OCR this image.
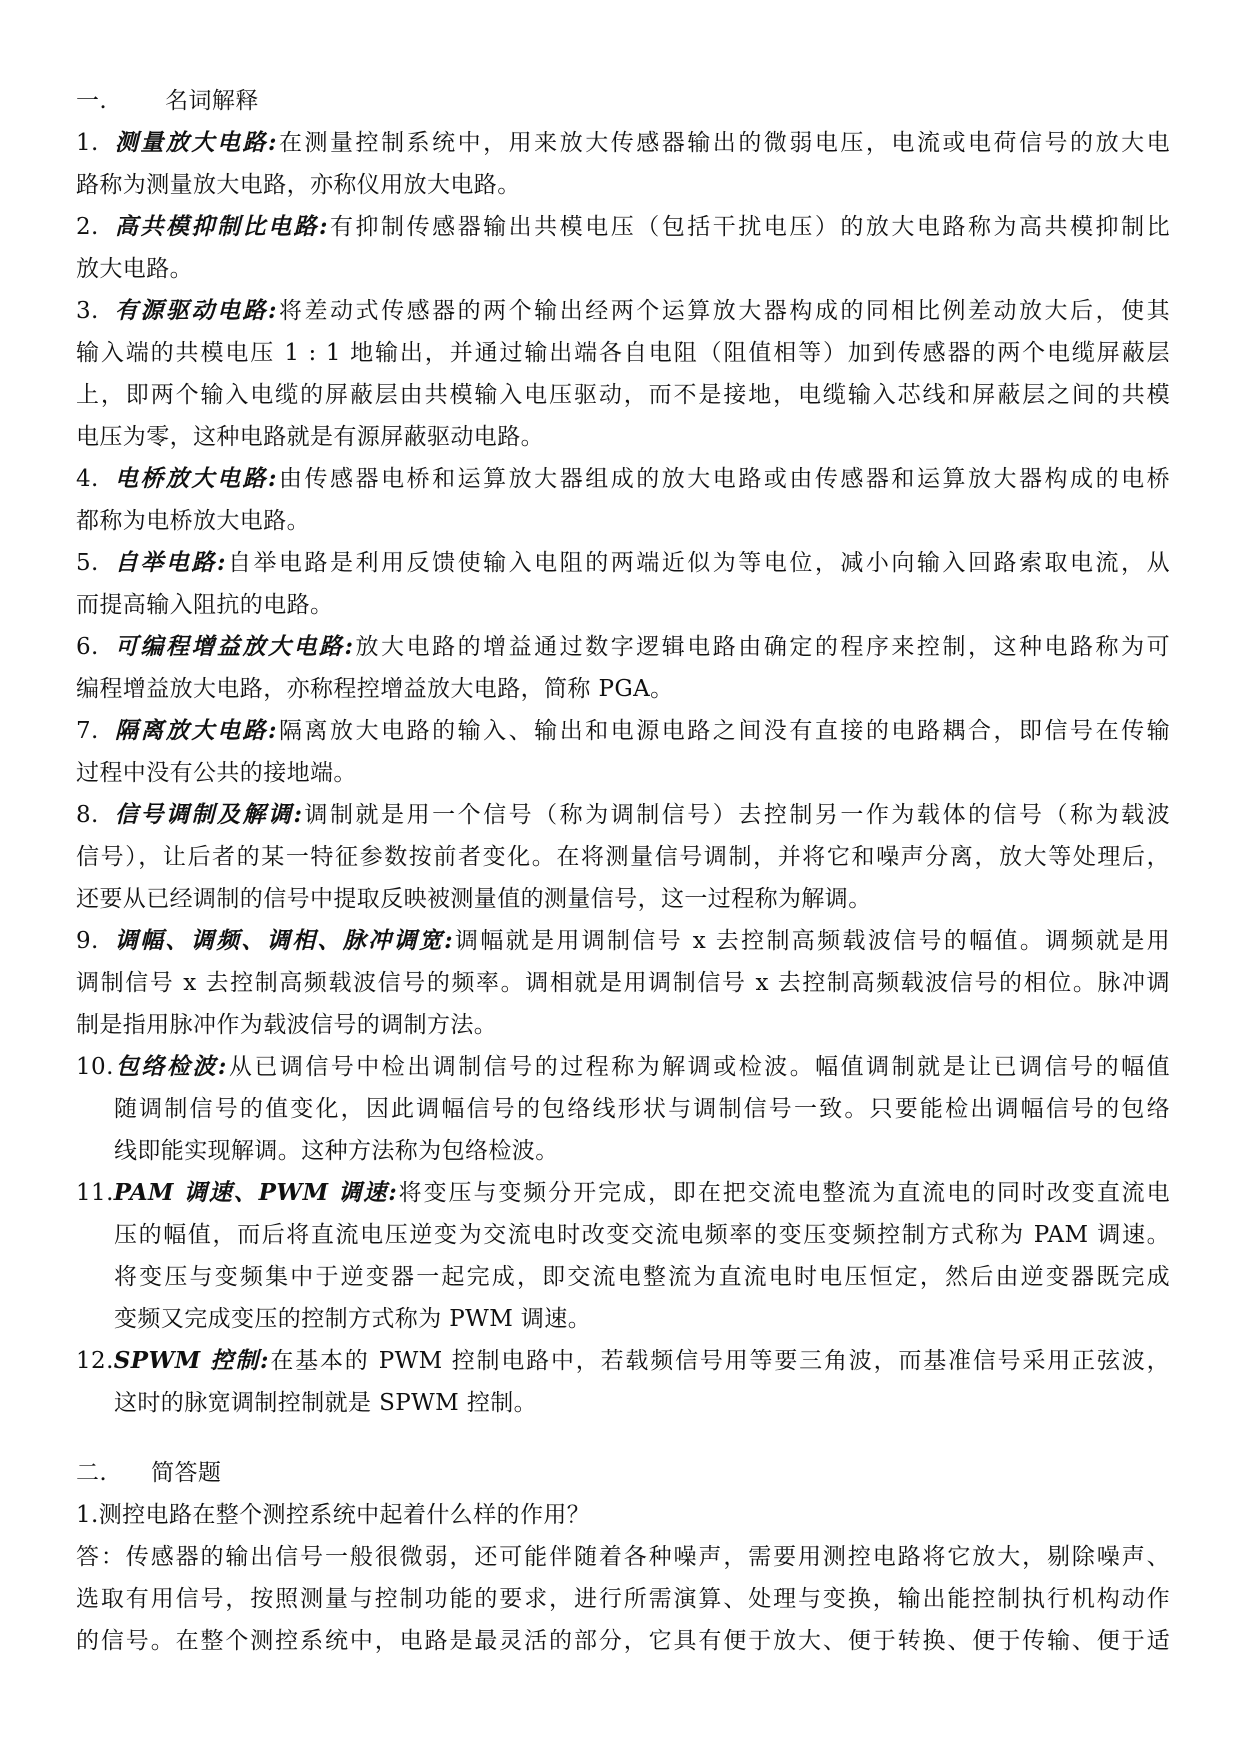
一.	名词解释
1. 测量放大电路:在测量控制系统中，用来放大传感器输出的微弱电压，电流或电荷信号的放大电
路称为测量放大电路，亦称仪用放大电路。
2. 高共模抑制比电路:有抑制传感器输出共模电压（包括干扰电压）的放大电路称为高共模抑制比
放大电路。
3. 有源驱动电路:将差动式传感器的两个输出经两个运算放大器构成的同相比例差动放大后，使其
输入端的共模电压 1 : 1 地输出，并通过输出端各自电阻（阻值相等）加到传感器的两个电缆屏蔽层
上，即两个输入电缆的屏蔽层由共模输入电压驱动，而不是接地，电缆输入芯线和屏蔽层之间的共模
电压为零，这种电路就是有源屏蔽驱动电路。
4. 电桥放大电路:由传感器电桥和运算放大器组成的放大电路或由传感器和运算放大器构成的电桥
都称为电桥放大电路。
5. 自举电路:自举电路是利用反馈使输入电阻的两端近似为等电位，减小向输入回路索取电流，从
而提高输入阻抗的电路。
6. 可编程增益放大电路:放大电路的增益通过数字逻辑电路由确定的程序来控制，这种电路称为可
编程增益放大电路，亦称程控增益放大电路，简称 PGA。
7. 隔离放大电路:隔离放大电路的输入、输出和电源电路之间没有直接的电路耦合，即信号在传输
过程中没有公共的接地端。
8. 信号调制及解调:调制就是用一个信号（称为调制信号）去控制另一作为载体的信号（称为载波
信号），让后者的某一特征参数按前者变化。在将测量信号调制，并将它和噪声分离，放大等处理后，
还要从已经调制的信号中提取反映被测量值的测量信号，这一过程称为解调。
9. 调幅、调频、调相、脉冲调宽:调幅就是用调制信号 x 去控制高频载波信号的幅值。调频就是用
调制信号 x 去控制高频载波信号的频率。调相就是用调制信号 x 去控制高频载波信号的相位。脉冲调
制是指用脉冲作为载波信号的调制方法。
10.包络检波:从已调信号中检出调制信号的过程称为解调或检波。幅值调制就是让已调信号的幅值
随调制信号的值变化，因此调幅信号的包络线形状与调制信号一致。只要能检出调幅信号的包络
线即能实现解调。这种方法称为包络检波。
11.PAM 调速、PWM 调速:将变压与变频分开完成，即在把交流电整流为直流电的同时改变直流电
压的幅值，而后将直流电压逆变为交流电时改变交流电频率的变压变频控制方式称为 PAM 调速。
将变压与变频集中于逆变器一起完成，即交流电整流为直流电时电压恒定，然后由逆变器既完成
变频又完成变压的控制方式称为 PWM 调速。
12.SPWM 控制:在基本的 PWM 控制电路中，若载频信号用等要三角波，而基准信号采用正弦波，
这时的脉宽调制控制就是 SPWM 控制。
二. 简答题
1.测控电路在整个测控系统中起着什么样的作用？
答：传感器的输出信号一般很微弱，还可能伴随着各种噪声，需要用测控电路将它放大，剔除噪声、
选取有用信号，按照测量与控制功能的要求，进行所需演算、处理与变换，输出能控制执行机构动作
的信号。在整个测控系统中，电路是最灵活的部分，它具有便于放大、便于转换、便于传输、便于适
